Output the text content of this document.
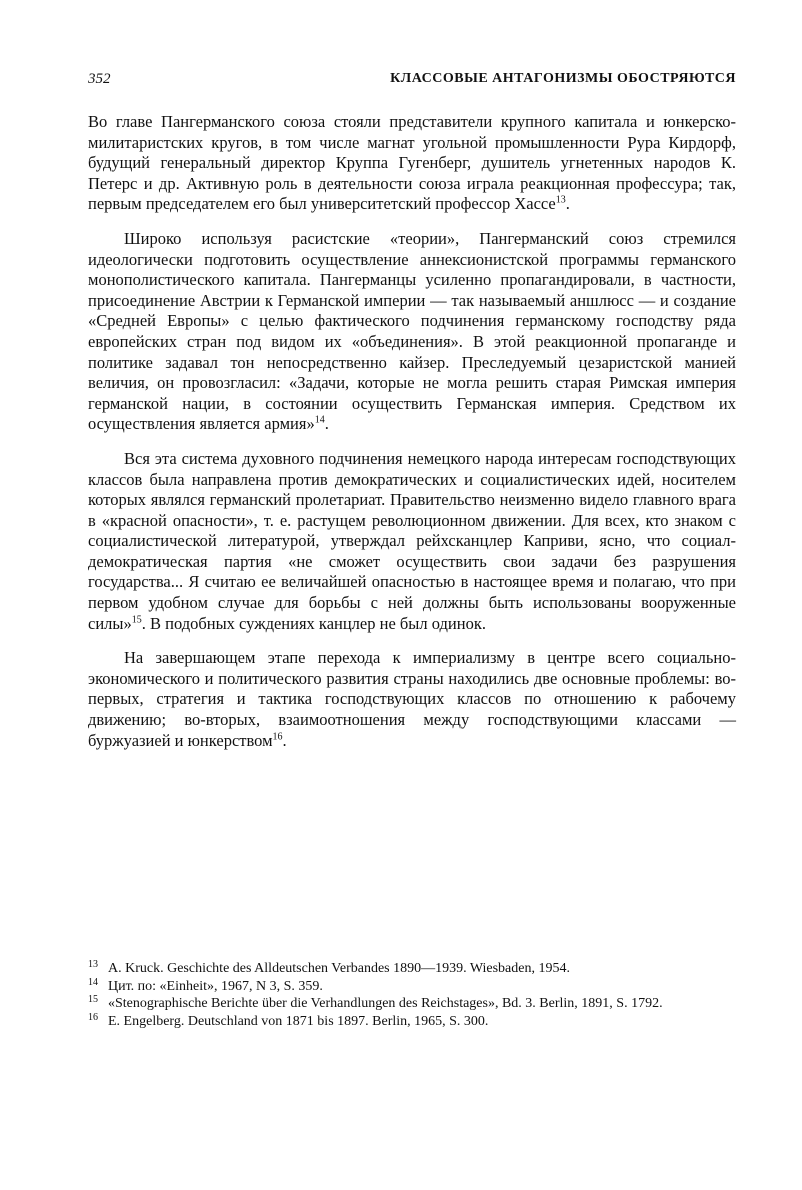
352	КЛАССОВЫЕ АНТАГОНИЗМЫ ОБОСТРЯЮТСЯ

Во главе Пангерманского союза стояли представители крупного капитала и юнкерско-милитаристских кругов, в том числе магнат угольной промышленности Рура Кирдорф, будущий генеральный директор Круппа Гугенберг, душитель угнетенных народов К. Петерс и др. Активную роль в деятельности союза играла реакционная профессура; так, первым председателем его был университетский профессор Хассе$^{13}$.

Широко используя расистские «теории», Пангерманский союз стремился идеологически подготовить осуществление аннексионистской программы германского монополистического капитала. Пангерманцы усиленно пропагандировали, в частности, присоединение Австрии к Германской империи — так называемый аншлюсс — и создание «Средней Европы» с целью фактического подчинения германскому господству ряда европейских стран под видом их «объединения». В этой реакционной пропаганде и политике задавал тон непосредственно кайзер. Преследуемый цезаристской манией величия, он провозгласил: «Задачи, которые не могла решить старая Римская империя германской нации, в состоянии осуществить Германская империя. Средством их осуществления является армия»$^{14}$.

Вся эта система духовного подчинения немецкого народа интересам господствующих классов была направлена против демократических и социалистических идей, носителем которых являлся германский пролетариат. Правительство неизменно видело главного врага в «красной опасности», т. е. растущем революционном движении. Для всех, кто знаком с социалистической литературой, утверждал рейхсканцлер Каприви, ясно, что социал-демократическая партия «не сможет осуществить свои задачи без разрушения государства... Я считаю ее величайшей опасностью в настоящее время и полагаю, что при первом удобном случае для борьбы с ней должны быть использованы вооруженные силы»$^{15}$. В подобных суждениях канцлер не был одинок.

На завершающем этапе перехода к империализму в центре всего социально-экономического и политического развития страны находились две основные проблемы: во-первых, стратегия и тактика господствующих классов по отношению к рабочему движению; во-вторых, взаимоотношения между господствующими классами — буржуазией и юнкерством$^{16}$.

13 A. Kruck. Geschichte des Alldeutschen Verbandes 1890—1939. Wiesbaden, 1954.
14 Цит. по: «Einheit», 1967, N 3, S. 359.
15 «Stenographische Berichte über die Verhandlungen des Reichstages», Bd. 3. Berlin, 1891, S. 1792.
16 E. Engelberg. Deutschland von 1871 bis 1897. Berlin, 1965, S. 300.
